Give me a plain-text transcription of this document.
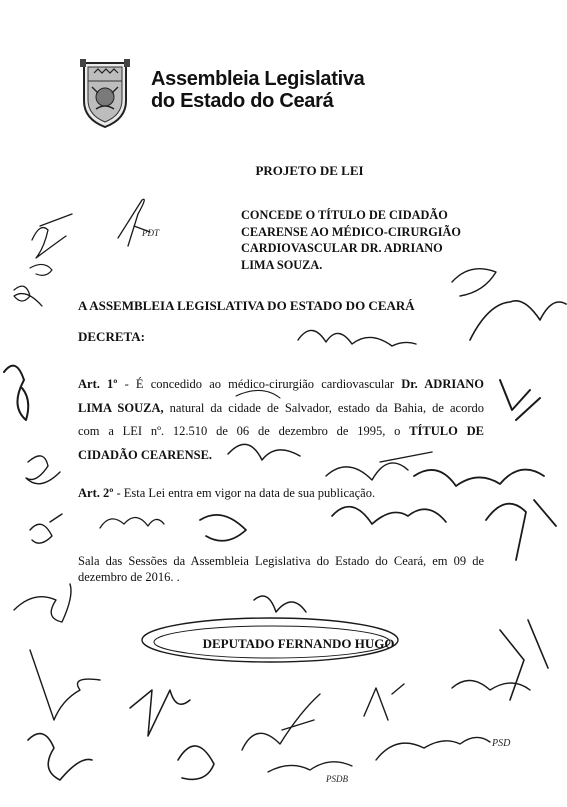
Assembleia Legislativa
do Estado do Ceará
PROJETO DE LEI
CONCEDE O TÍTULO DE CIDADÃO
CEARENSE AO MÉDICO-CIRURGIÃO
CARDIOVASCULAR DR. ADRIANO
LIMA SOUZA.
A ASSEMBLEIA LEGISLATIVA DO ESTADO DO CEARÁ
DECRETA:
Art. 1º - É concedido ao médico-cirurgião cardiovascular Dr. ADRIANO
LIMA SOUZA, natural da cidade de Salvador, estado da Bahia, de acordo
com a LEI nº. 12.510 de 06 de dezembro de 1995, o TÍTULO DE
CIDADÃO CEARENSE.
Art. 2º - Esta Lei entra em vigor na data de sua publicação.
Sala das Sessões da Assembleia Legislativa do Estado do Ceará, em 09 de
dezembro de 2016. .
DEPUTADO FERNANDO HUGO
PDT
PSDB
PSD
